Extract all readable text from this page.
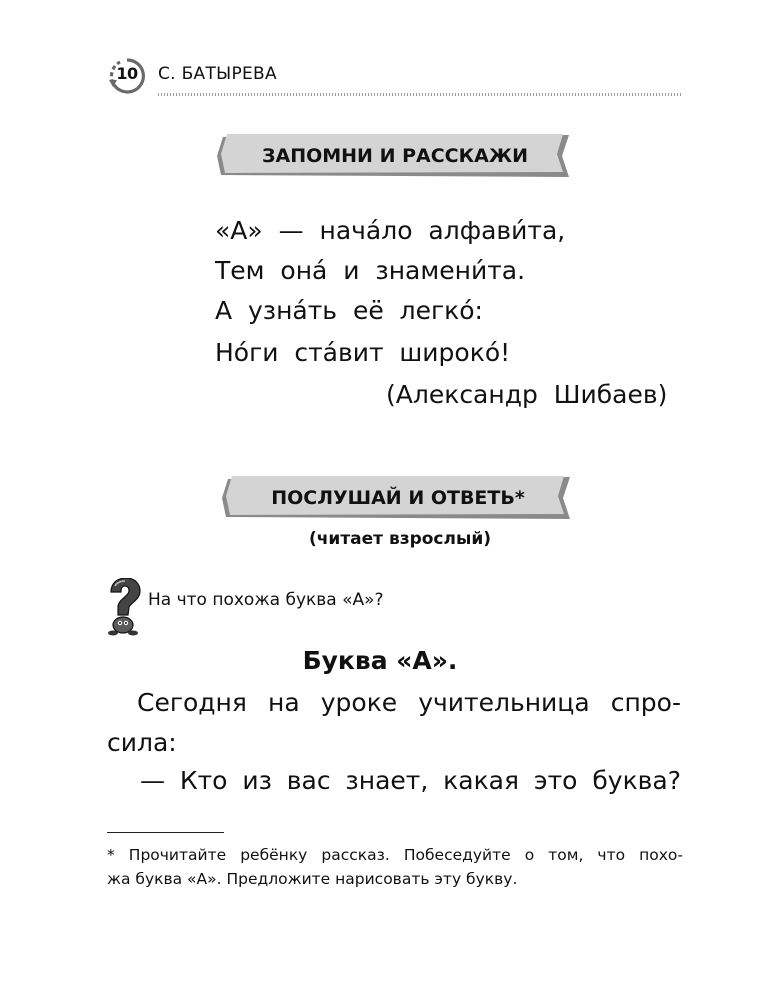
10 С. БАТЫРЕВА
ЗАПОМНИ И РАССКАЖИ
«А»  —  нача́ло  алфави́та,
Тем  она́  и  знамени́та.
А  узна́ть  её  легко́:
Но́ги  ста́вит  широко́!
(Александр  Шибаев)
ПОСЛУШАЙ И ОТВЕТЬ*
(читает взрослый)
На что похожа буква «А»?
Буква «А».
Сегодня на уроке учительница спро-
сила:
— Кто из вас знает, какая это буква?
* Прочитайте ребёнку рассказ. Побеседуйте о том, что похо-
жа буква «А». Предложите нарисовать эту букву.
